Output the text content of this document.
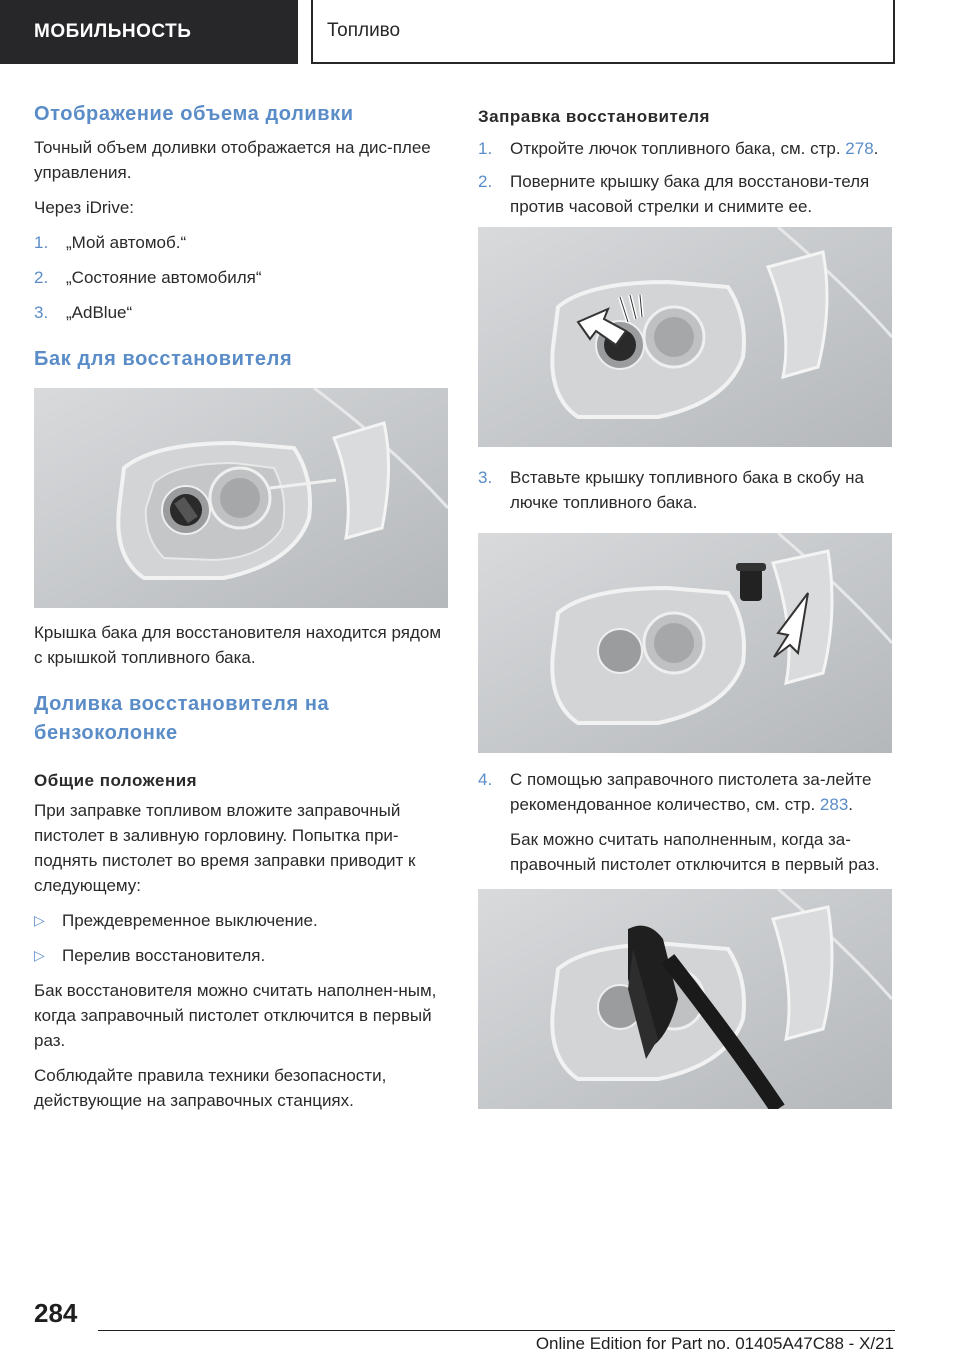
МОБИЛЬНОСТЬ	Топливо
Отображение объема доливки

Точный объем доливки отображается на дис-плее управления.

Через iDrive:

1.	„Мой автомоб.“
2.	„Состояние автомобиля“
3.	„AdBlue“
Бак для восстановителя

Крышка бака для восстановителя находится рядом с крышкой топливного бака.

Доливка восстановителя на бензоколонке
Общие положения

При заправке топливом вложите заправочный пистолет в заливную горловину. Попытка при-поднять пистолет во время заправки приводит к следующему:

▷ Преждевременное выключение.
▷ Перелив восстановителя.

Бак восстановителя можно считать наполнен-ным, когда заправочный пистолет отключится в первый раз.

Соблюдайте правила техники безопасности, действующие на заправочных станциях.

Заправка восстановителя
1.	Откройте лючок топливного бака, см. стр. 278.
2.	Поверните крышку бака для восстанови-теля против часовой стрелки и снимите ее.
3.	Вставьте крышку топливного бака в скобу на лючке топливного бака.
4.	С помощью заправочного пистолета за-лейте рекомендованное количество, см. стр. 283.

Бак можно считать наполненным, когда за-правочный пистолет отключится в первый раз.

284
Online Edition for Part no. 01405A47C88 - X/21
